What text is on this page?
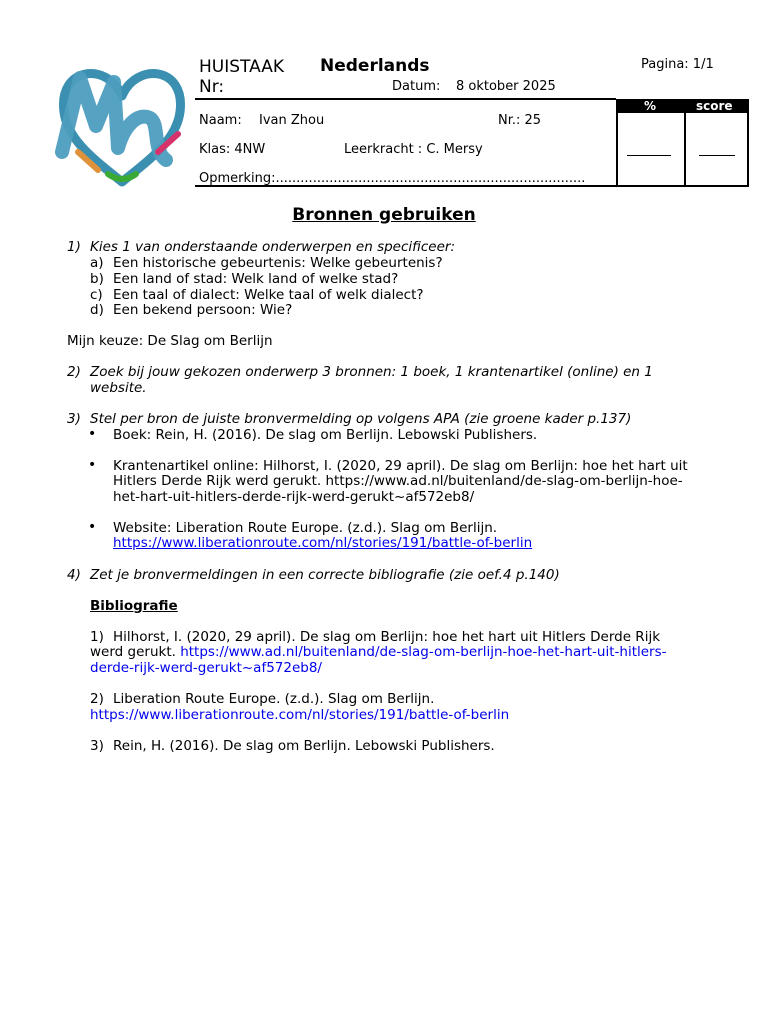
HUISTAAK Nederlands	Pagina: 1/1
Nr:	Datum: 8 oktober 2025
Naam: Ivan Zhou	Nr.: 25
Klas: 4NW	Leerkracht : C. Mersy
Opmerking:...........................................................................
%	score
Bronnen gebruiken
1) Kies 1 van onderstaande onderwerpen en specificeer:
a) Een historische gebeurtenis: Welke gebeurtenis?
b) Een land of stad: Welk land of welke stad?
c) Een taal of dialect: Welke taal of welk dialect?
d) Een bekend persoon: Wie?
Mijn keuze: De Slag om Berlijn
2) Zoek bij jouw gekozen onderwerp 3 bronnen: 1 boek, 1 krantenartikel (online) en 1
website.
3) Stel per bron de juiste bronvermelding op volgens APA (zie groene kader p.137)
• Boek: Rein, H. (2016). De slag om Berlijn. Lebowski Publishers.
• Krantenartikel online: Hilhorst, I. (2020, 29 april). De slag om Berlijn: hoe het hart uit
Hitlers Derde Rijk werd gerukt. https://www.ad.nl/buitenland/de-slag-om-berlijn-hoe-
het-hart-uit-hitlers-derde-rijk-werd-gerukt~af572eb8/
• Website: Liberation Route Europe. (z.d.). Slag om Berlijn.
https://www.liberationroute.com/nl/stories/191/battle-of-berlin
4) Zet je bronvermeldingen in een correcte bibliografie (zie oef.4 p.140)
Bibliografie
1) Hilhorst, I. (2020, 29 april). De slag om Berlijn: hoe het hart uit Hitlers Derde Rijk
werd gerukt. https://www.ad.nl/buitenland/de-slag-om-berlijn-hoe-het-hart-uit-hitlers-
derde-rijk-werd-gerukt~af572eb8/
2) Liberation Route Europe. (z.d.). Slag om Berlijn.
https://www.liberationroute.com/nl/stories/191/battle-of-berlin
3) Rein, H. (2016). De slag om Berlijn. Lebowski Publishers.
